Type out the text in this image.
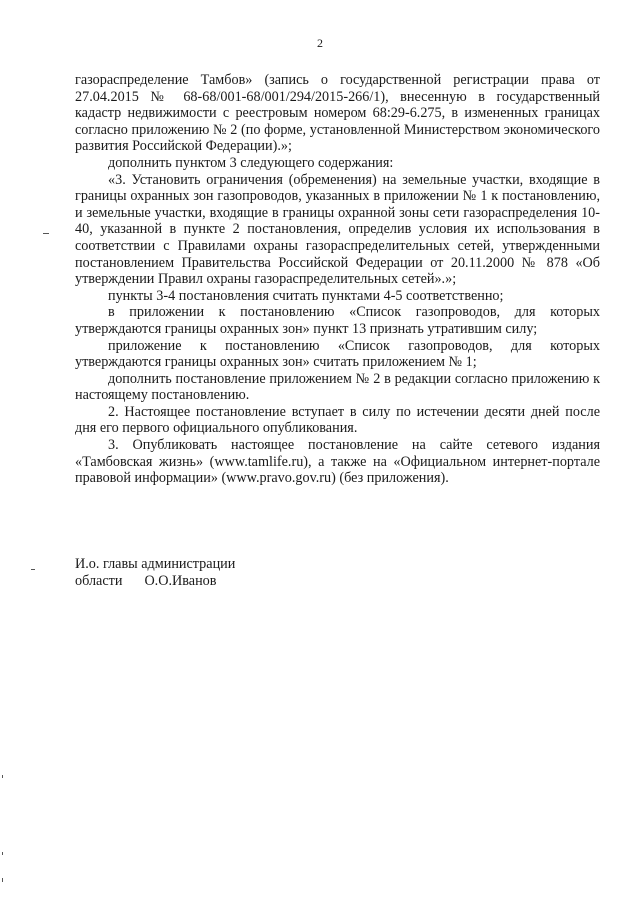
2

газораспределение Тамбов» (запись о государственной регистрации права от 27.04.2015 № 68-68/001-68/001/294/2015-266/1), внесенную в государственный кадастр недвижимости с реестровым номером 68:29-6.275, в измененных границах согласно приложению № 2 (по форме, установленной Министерством экономического развития Российской Федерации).»;

дополнить пунктом 3 следующего содержания:

«3. Установить ограничения (обременения) на земельные участки, входящие в границы охранных зон газопроводов, указанных в приложении № 1 к постановлению, и земельные участки, входящие в границы охранной зоны сети газораспределения 10-40, указанной в пункте 2 постановления, определив условия их использования в соответствии с Правилами охраны газораспределительных сетей, утвержденными постановлением Правительства Российской Федерации от 20.11.2000 № 878 «Об утверждении Правил охраны газораспределительных сетей».»;

пункты 3-4 постановления считать пунктами 4-5 соответственно;

в приложении к постановлению «Список газопроводов, для которых утверждаются границы охранных зон» пункт 13 признать утратившим силу;

приложение к постановлению «Список газопроводов, для которых утверждаются границы охранных зон» считать приложением № 1;

дополнить постановление приложением № 2 в редакции согласно приложению к настоящему постановлению.

2. Настоящее постановление вступает в силу по истечении десяти дней после дня его первого официального опубликования.

3. Опубликовать настоящее постановление на сайте сетевого издания «Тамбовская жизнь» (www.tamlife.ru), а также на «Официальном интернет-портале правовой информации» (www.pravo.gov.ru) (без приложения).

И.о. главы администрации

области О.О.Иванов
